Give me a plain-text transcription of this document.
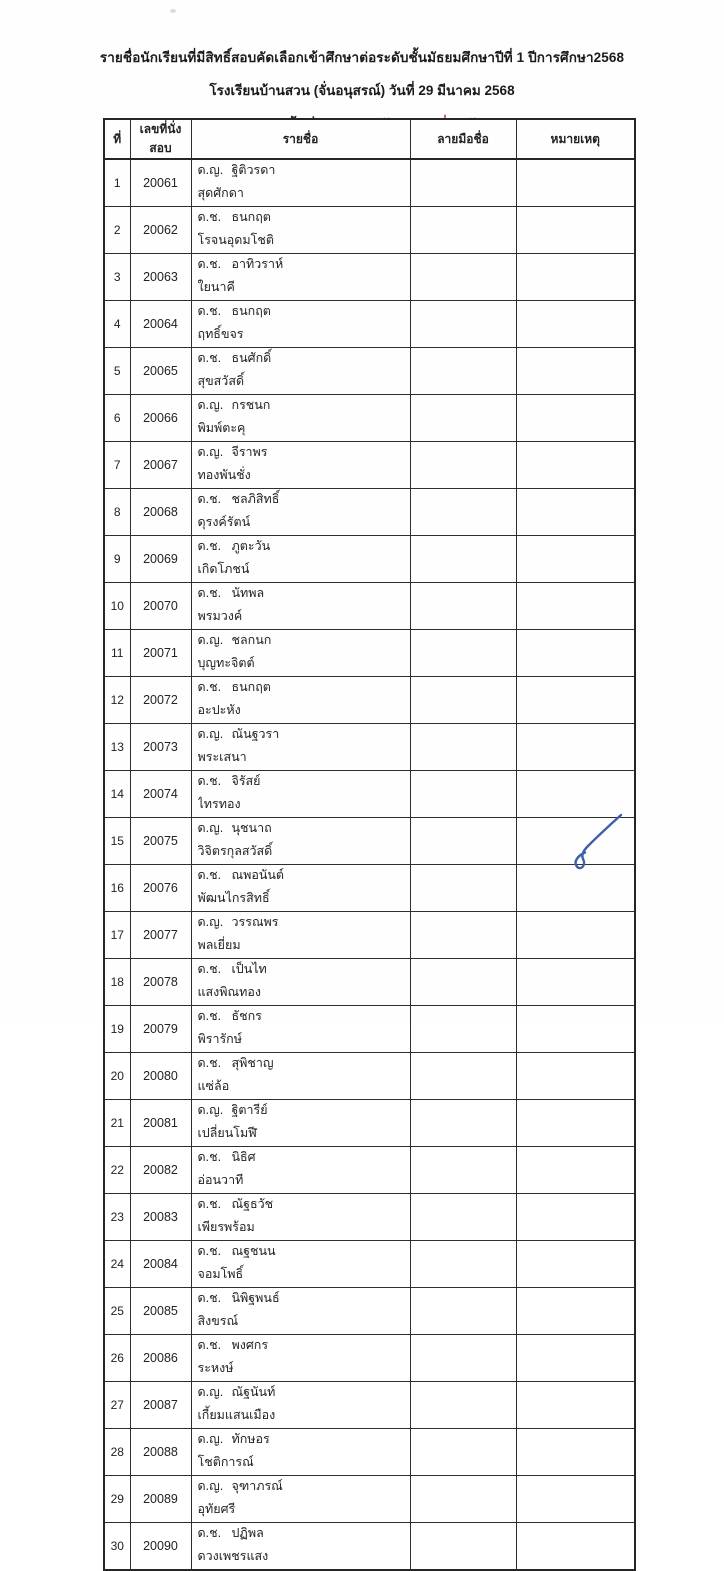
รายชื่อนักเรียนที่มีสิทธิ์สอบคัดเลือกเข้าศึกษาต่อระดับชั้นมัธยมศึกษาปีที่ 1 ปีการศึกษา2568
โรงเรียนบ้านสวน (จั่นอนุสรณ์) วันที่ 29 มีนาคม 2568
ที่	เลขที่นั่งสอบ	รายชื่อ	ลายมือชื่อ	หมายเหตุ
1	20061	ด.ญ. ฐิติวรดาสุดศักดา		
2	20062	ด.ช. ธนกฤตโรจนอุดมโชติ		
3	20063	ด.ช. อาทิวราห์ใยนาคี		
4	20064	ด.ช. ธนกฤตฤทธิ์ขจร		
5	20065	ด.ช. ธนศักดิ์สุขสวัสดิ์		
6	20066	ด.ญ. กรชนกพิมพ์ตะคุ		
7	20067	ด.ญ. จีราพรทองพันชั่ง		
8	20068	ด.ช. ชลภิสิทธิ์ดุรงค์รัตน์		
9	20069	ด.ช. ภูตะวันเกิดโภชน์		
10	20070	ด.ช. นัทพลพรมวงค์		
11	20071	ด.ญ. ชลกนกบุญทะจิตต์		
12	20072	ด.ช. ธนกฤตอะปะหัง		
13	20073	ด.ญ. ณันฐวราพระเสนา		
14	20074	ด.ช. จิรัสย์ไทรทอง		
15	20075	ด.ญ. นุชนาถวิจิตรกุลสวัสดิ์		
16	20076	ด.ช. ณพอนันต์พัฒนไกรสิทธิ์		
17	20077	ด.ญ. วรรณพรพลเยี่ยม		
18	20078	ด.ช. เป็นไทแสงพิณทอง		
19	20079	ด.ช. ธัชกรพิรารักษ์		
20	20080	ด.ช. สุพิชาญแซ่ล้อ		
21	20081	ด.ญ. ฐิตารีย์เปลี่ยนโมฬี		
22	20082	ด.ช. นิธิศอ่อนวาที		
23	20083	ด.ช. ณัฐธวัชเพียรพร้อม		
24	20084	ด.ช. ณฐชนนจอมโพธิ์		
25	20085	ด.ช. นิพิฐพนธ์สิงขรณ์		
26	20086	ด.ช. พงศกรระหงษ์		
27	20087	ด.ญ. ณัฐนันท์เกี้ยมแสนเมือง		
28	20088	ด.ญ. ทักษอรโชติการณ์		
29	20089	ด.ญ. จุฑาภรณ์อุทัยศรี		
30	20090	ด.ช. ปฏิพลดวงเพชรแสง		
